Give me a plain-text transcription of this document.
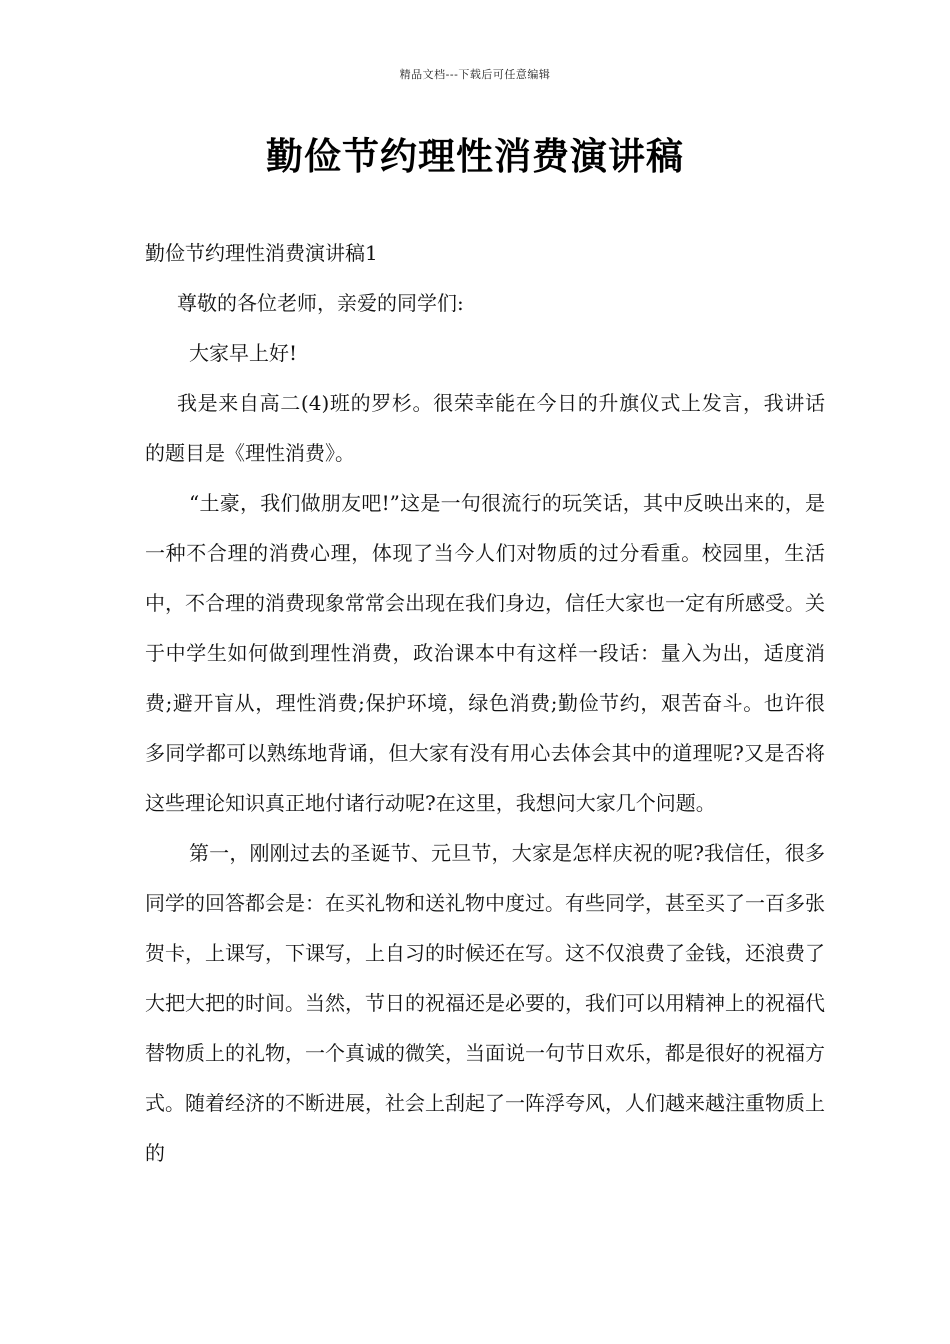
精品文档---下载后可任意编辑
勤俭节约理性消费演讲稿

勤俭节约理性消费演讲稿1

尊敬的各位老师，亲爱的同学们:

大家早上好!

我是来自高二(4)班的罗杉。很荣幸能在今日的升旗仪式上发言，我讲话的题目是《理性消费》。

“土豪，我们做朋友吧!”这是一句很流行的玩笑话，其中反映出来的，是一种不合理的消费心理，体现了当今人们对物质的过分看重。校园里，生活中，不合理的消费现象常常会出现在我们身边，信任大家也一定有所感受。关于中学生如何做到理性消费，政治课本中有这样一段话：量入为出，适度消费;避开盲从，理性消费;保护环境，绿色消费;勤俭节约，艰苦奋斗。也许很多同学都可以熟练地背诵，但大家有没有用心去体会其中的道理呢?又是否将这些理论知识真正地付诸行动呢?在这里，我想问大家几个问题。

第一，刚刚过去的圣诞节、元旦节，大家是怎样庆祝的呢?我信任，很多同学的回答都会是：在买礼物和送礼物中度过。有些同学，甚至买了一百多张贺卡，上课写，下课写，上自习的时候还在写。这不仅浪费了金钱，还浪费了大把大把的时间。当然，节日的祝福还是必要的，我们可以用精神上的祝福代替物质上的礼物，一个真诚的微笑，当面说一句节日欢乐，都是很好的祝福方式。随着经济的不断进展，社会上刮起了一阵浮夸风，人们越来越注重物质上的
